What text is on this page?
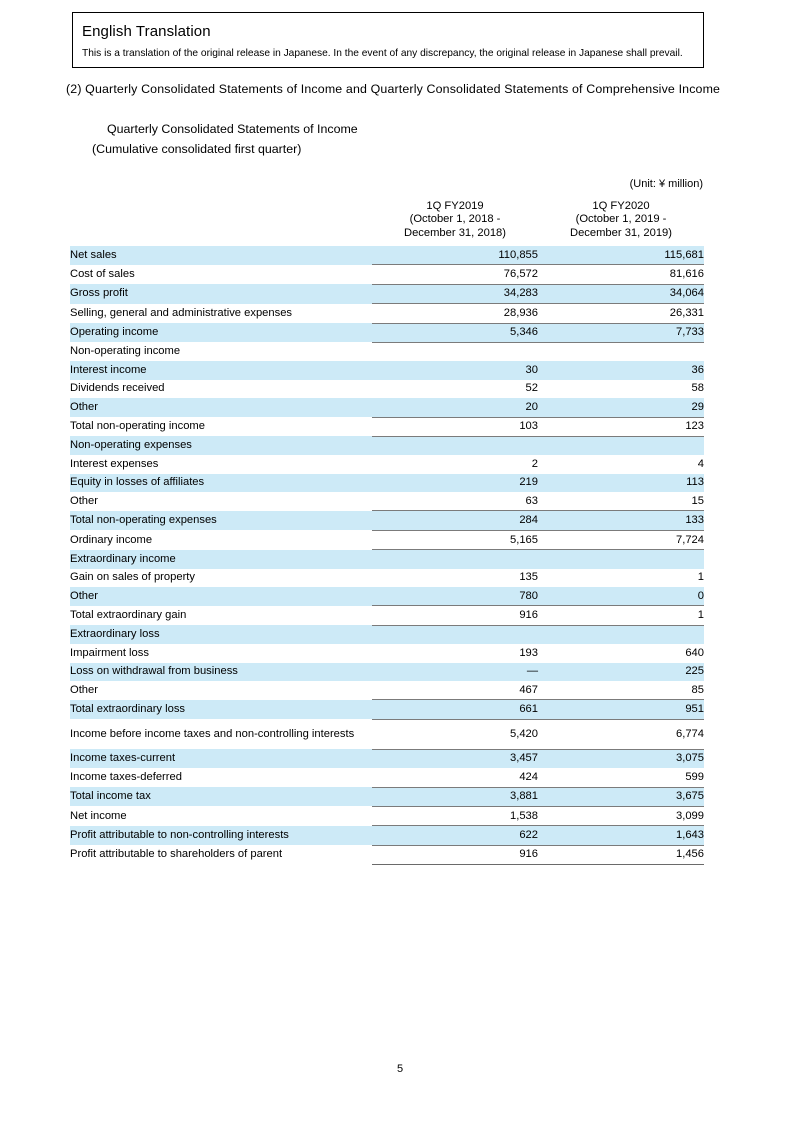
English Translation
This is a translation of the original release in Japanese. In the event of any discrepancy, the original release in Japanese shall prevail.
(2) Quarterly Consolidated Statements of Income and Quarterly Consolidated Statements of Comprehensive Income
Quarterly Consolidated Statements of Income
(Cumulative consolidated first quarter)
(Unit: ¥ million)

1Q FY2019
(October 1, 2018 -
December 31, 2018)

1Q FY2020
(October 1, 2019 -
December 31, 2019)

Net sales	110,855	115,681
Cost of sales	76,572	81,616
Gross profit	34,283	34,064
Selling, general and administrative expenses	28,936	26,331
Operating income	5,346	7,733
Non-operating income		
Interest income	30	36
Dividends received	52	58
Other	20	29
Total non-operating income	103	123
Non-operating expenses		
Interest expenses	2	4
Equity in losses of affiliates	219	113
Other	63	15
Total non-operating expenses	284	133
Ordinary income	5,165	7,724
Extraordinary income		
Gain on sales of property	135	1
Other	780	0
Total extraordinary gain	916	1
Extraordinary loss		
Impairment loss	193	640
Loss on withdrawal from business	—	225
Other	467	85
Total extraordinary loss	661	951
Income before income taxes and non-controlling interests	5,420	6,774
Income taxes-current	3,457	3,075
Income taxes-deferred	424	599
Total income tax	3,881	3,675
Net income	1,538	3,099
Profit attributable to non-controlling interests	622	1,643
Profit attributable to shareholders of parent	916	1,456
5
